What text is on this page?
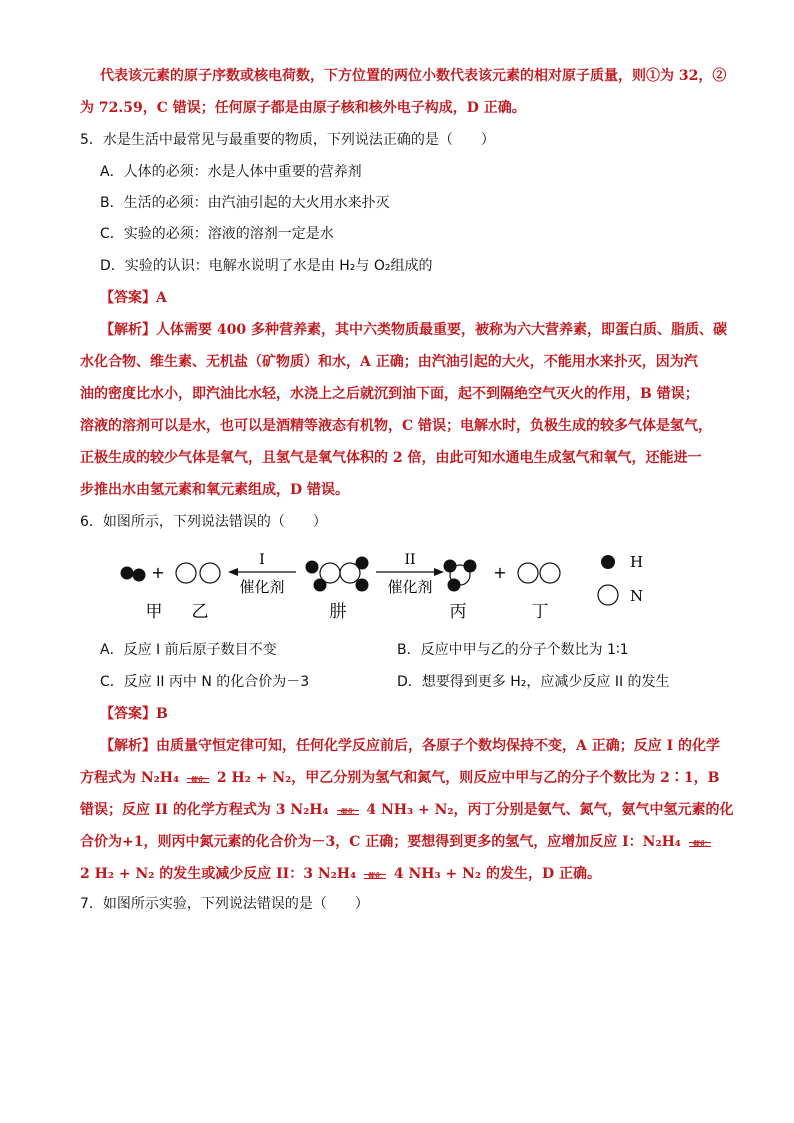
代表该元素的原子序数或核电荷数，下方位置的两位小数代表该元素的相对原子质量，则①为 32，②
为 72.59，C 错误；任何原子都是由原子核和核外电子构成，D 正确。
5．水是生活中最常见与最重要的物质，下列说法正确的是（　　）
A．人体的必须：水是人体中重要的营养剂
B．生活的必须：由汽油引起的大火用水来扑灭
C．实验的必须：溶液的溶剂一定是水
D．实验的认识：电解水说明了水是由 H₂与 O₂组成的
【答案】A
【解析】人体需要 400 多种营养素，其中六类物质最重要，被称为六大营养素，即蛋白质、脂质、碳
水化合物、维生素、无机盐（矿物质）和水，A 正确；由汽油引起的大火，不能用水来扑灭，因为汽
油的密度比水小，即汽油比水轻，水浇上之后就沉到油下面，起不到隔绝空气灭火的作用，B 错误；
溶液的溶剂可以是水，也可以是酒精等液态有机物，C 错误；电解水时，负极生成的较多气体是氢气，
正极生成的较少气体是氧气，且氢气是氧气体积的 2 倍，由此可知水通电生成氢气和氧气，还能进一
步推出水由氢元素和氧元素组成，D 错误。
6．如图所示，下列说法错误的（　　）
+
I
催化剂
II
催化剂
+
甲 乙	肼	丙	丁
H
N
A．反应 I 前后原子数目不变	B．反应中甲与乙的分子个数比为 1∶1
C．反应 II 丙中 N 的化合价为－3	D．想要得到更多 H₂，应减少反应 II 的发生
【答案】B
【解析】由质量守恒定律可知，任何化学反应前后，各原子个数均保持不变，A 正确；反应 I 的化学
方程式为 N₂H₄ 催化 2 H₂ + N₂，甲乙分别为氢气和氮气，则反应中甲与乙的分子个数比为 2∶1，B
错误；反应 II 的化学方程式为 3 N₂H₄ 催化 4 NH₃ + N₂，丙丁分别是氨气、氮气，氨气中氢元素的化
合价为+1，则丙中氮元素的化合价为－3，C 正确；要想得到更多的氢气，应增加反应 I：N₂H₄ 催化
2 H₂ + N₂ 的发生或减少反应 II：3 N₂H₄ 催化 4 NH₃ + N₂ 的发生，D 正确。
7．如图所示实验，下列说法错误的是（　　）
